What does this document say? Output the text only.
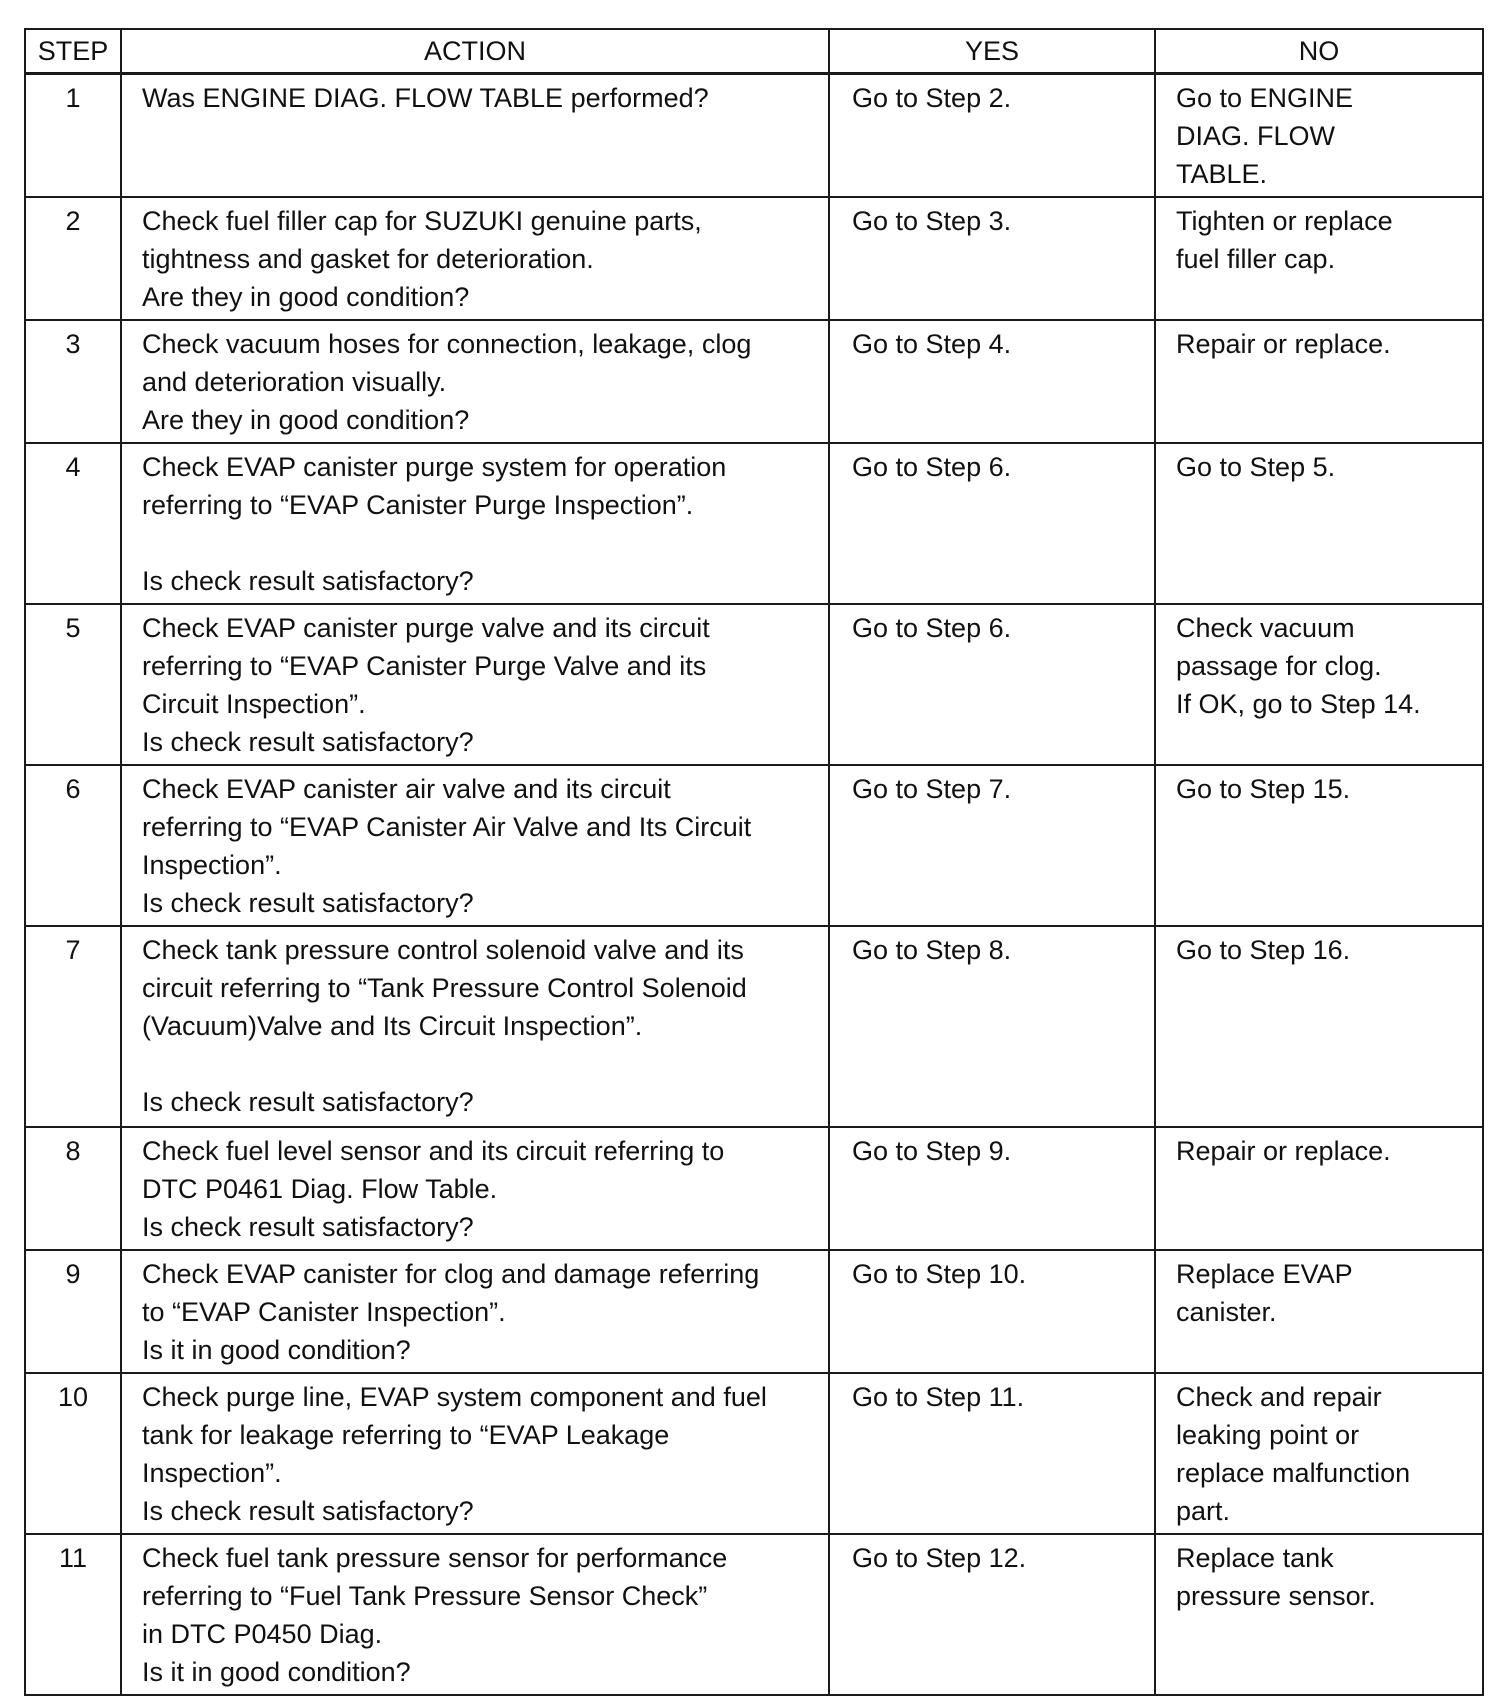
STEP	ACTION	YES	NO
1	Was ENGINE DIAG. FLOW TABLE performed?	Go to Step 2.	Go to ENGINE
DIAG. FLOW
TABLE.
2	Check fuel filler cap for SUZUKI genuine parts,
tightness and gasket for deterioration.
Are they in good condition?	Go to Step 3.	Tighten or replace
fuel filler cap.
3	Check vacuum hoses for connection, leakage, clog
and deterioration visually.
Are they in good condition?	Go to Step 4.	Repair or replace.
4	Check EVAP canister purge system for operation
referring to “EVAP Canister Purge Inspection”.

Is check result satisfactory?	Go to Step 6.	Go to Step 5.
5	Check EVAP canister purge valve and its circuit
referring to “EVAP Canister Purge Valve and its
Circuit Inspection”.
Is check result satisfactory?	Go to Step 6.	Check vacuum
passage for clog.
If OK, go to Step 14.
6	Check EVAP canister air valve and its circuit
referring to “EVAP Canister Air Valve and Its Circuit
Inspection”.
Is check result satisfactory?	Go to Step 7.	Go to Step 15.
7	Check tank pressure control solenoid valve and its
circuit referring to “Tank Pressure Control Solenoid
(Vacuum)Valve and Its Circuit Inspection”.

Is check result satisfactory?	Go to Step 8.	Go to Step 16.
8	Check fuel level sensor and its circuit referring to
DTC P0461 Diag. Flow Table.
Is check result satisfactory?	Go to Step 9.	Repair or replace.
9	Check EVAP canister for clog and damage referring
to “EVAP Canister Inspection”.
Is it in good condition?	Go to Step 10.	Replace EVAP
canister.
10	Check purge line, EVAP system component and fuel
tank for leakage referring to “EVAP Leakage
Inspection”.
Is check result satisfactory?	Go to Step 11.	Check and repair
leaking point or
replace malfunction
part.
11	Check fuel tank pressure sensor for performance
referring to “Fuel Tank Pressure Sensor Check”
in DTC P0450 Diag.
Is it in good condition?	Go to Step 12.	Replace tank
pressure sensor.
